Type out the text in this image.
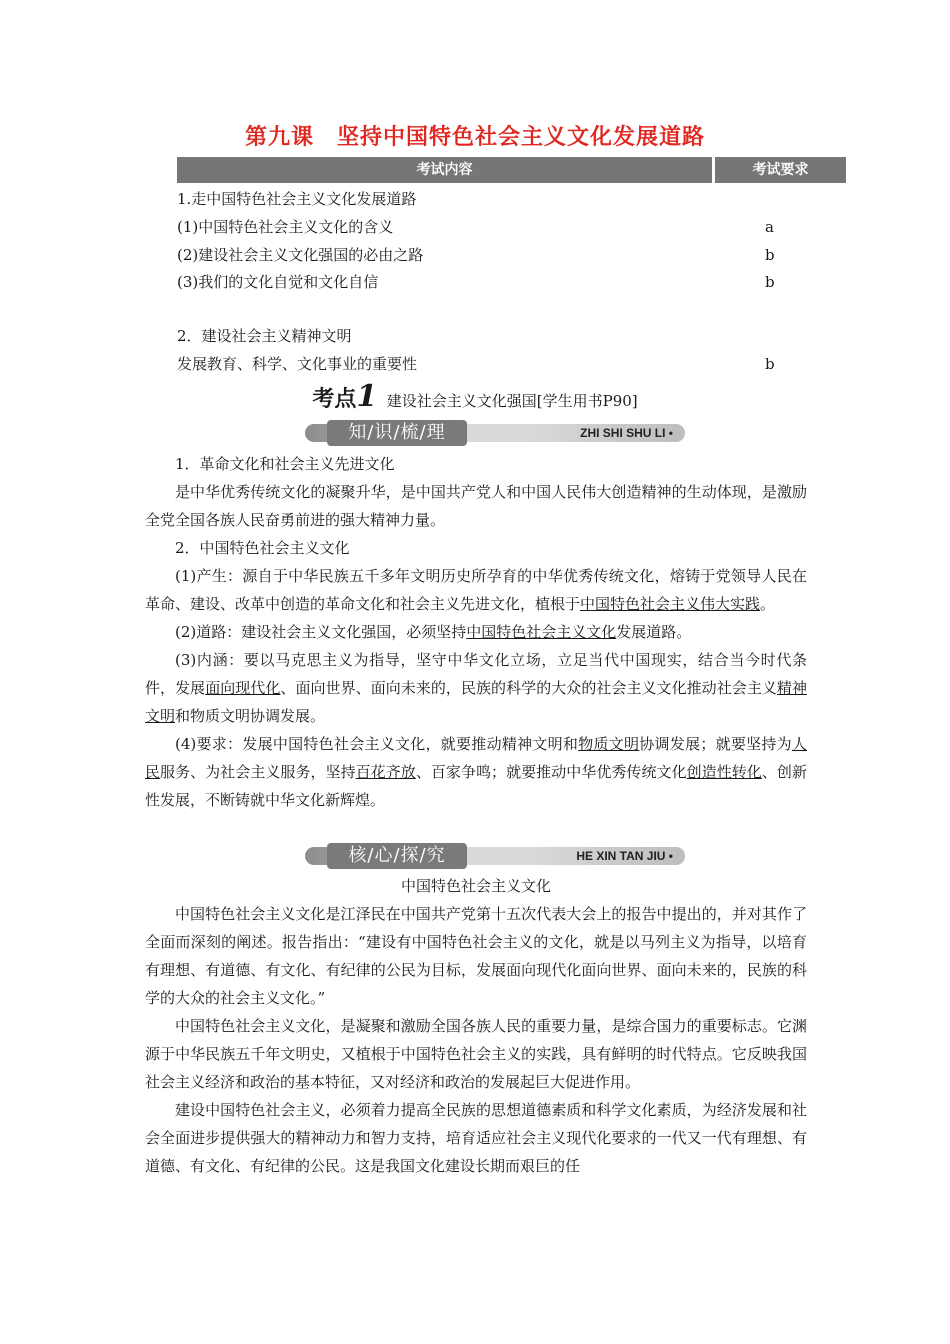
第九课　坚持中国特色社会主义文化发展道路
考试内容	考试要求
1.走中国特色社会主义文化发展道路
(1)中国特色社会主义文化的含义	a
(2)建设社会主义文化强国的必由之路	b
(3)我们的文化自觉和文化自信	b
2．建设社会主义精神文明
发展教育、科学、文化事业的重要性	b
考点1 建设社会主义文化强国[学生用书P90]
知/识/梳/理	ZHI SHI SHU LI •

1．革命文化和社会主义先进文化

是中华优秀传统文化的凝聚升华，是中国共产党人和中国人民伟大创造精神的生动体现，是激励全党全国各族人民奋勇前进的强大精神力量。

2．中国特色社会主义文化

(1)产生：源自于中华民族五千多年文明历史所孕育的中华优秀传统文化，熔铸于党领导人民在革命、建设、改革中创造的革命文化和社会主义先进文化，植根于中国特色社会主义伟大实践。

(2)道路：建设社会主义文化强国，必须坚持中国特色社会主义文化发展道路。

(3)内涵：要以马克思主义为指导，坚守中华文化立场，立足当代中国现实，结合当今时代条件，发展面向现代化、面向世界、面向未来的，民族的科学的大众的社会主义文化推动社会主义精神文明和物质文明协调发展。

(4)要求：发展中国特色社会主义文化，就要推动精神文明和物质文明协调发展；就要坚持为人民服务、为社会主义服务，坚持百花齐放、百家争鸣；就要推动中华优秀传统文化创造性转化、创新性发展，不断铸就中华文化新辉煌。

核/心/探/究	HE XIN TAN JIU •

中国特色社会主义文化

中国特色社会主义文化是江泽民在中国共产党第十五次代表大会上的报告中提出的，并对其作了全面而深刻的阐述。报告指出：“建设有中国特色社会主义的文化，就是以马列主义为指导，以培育有理想、有道德、有文化、有纪律的公民为目标，发展面向现代化面向世界、面向未来的，民族的科学的大众的社会主义文化。”

中国特色社会主义文化，是凝聚和激励全国各族人民的重要力量，是综合国力的重要标志。它渊源于中华民族五千年文明史，又植根于中国特色社会主义的实践，具有鲜明的时代特点。它反映我国社会主义经济和政治的基本特征，又对经济和政治的发展起巨大促进作用。

建设中国特色社会主义，必须着力提高全民族的思想道德素质和科学文化素质，为经济发展和社会全面进步提供强大的精神动力和智力支持，培育适应社会主义现代化要求的一代又一代有理想、有道德、有文化、有纪律的公民。这是我国文化建设长期而艰巨的任
